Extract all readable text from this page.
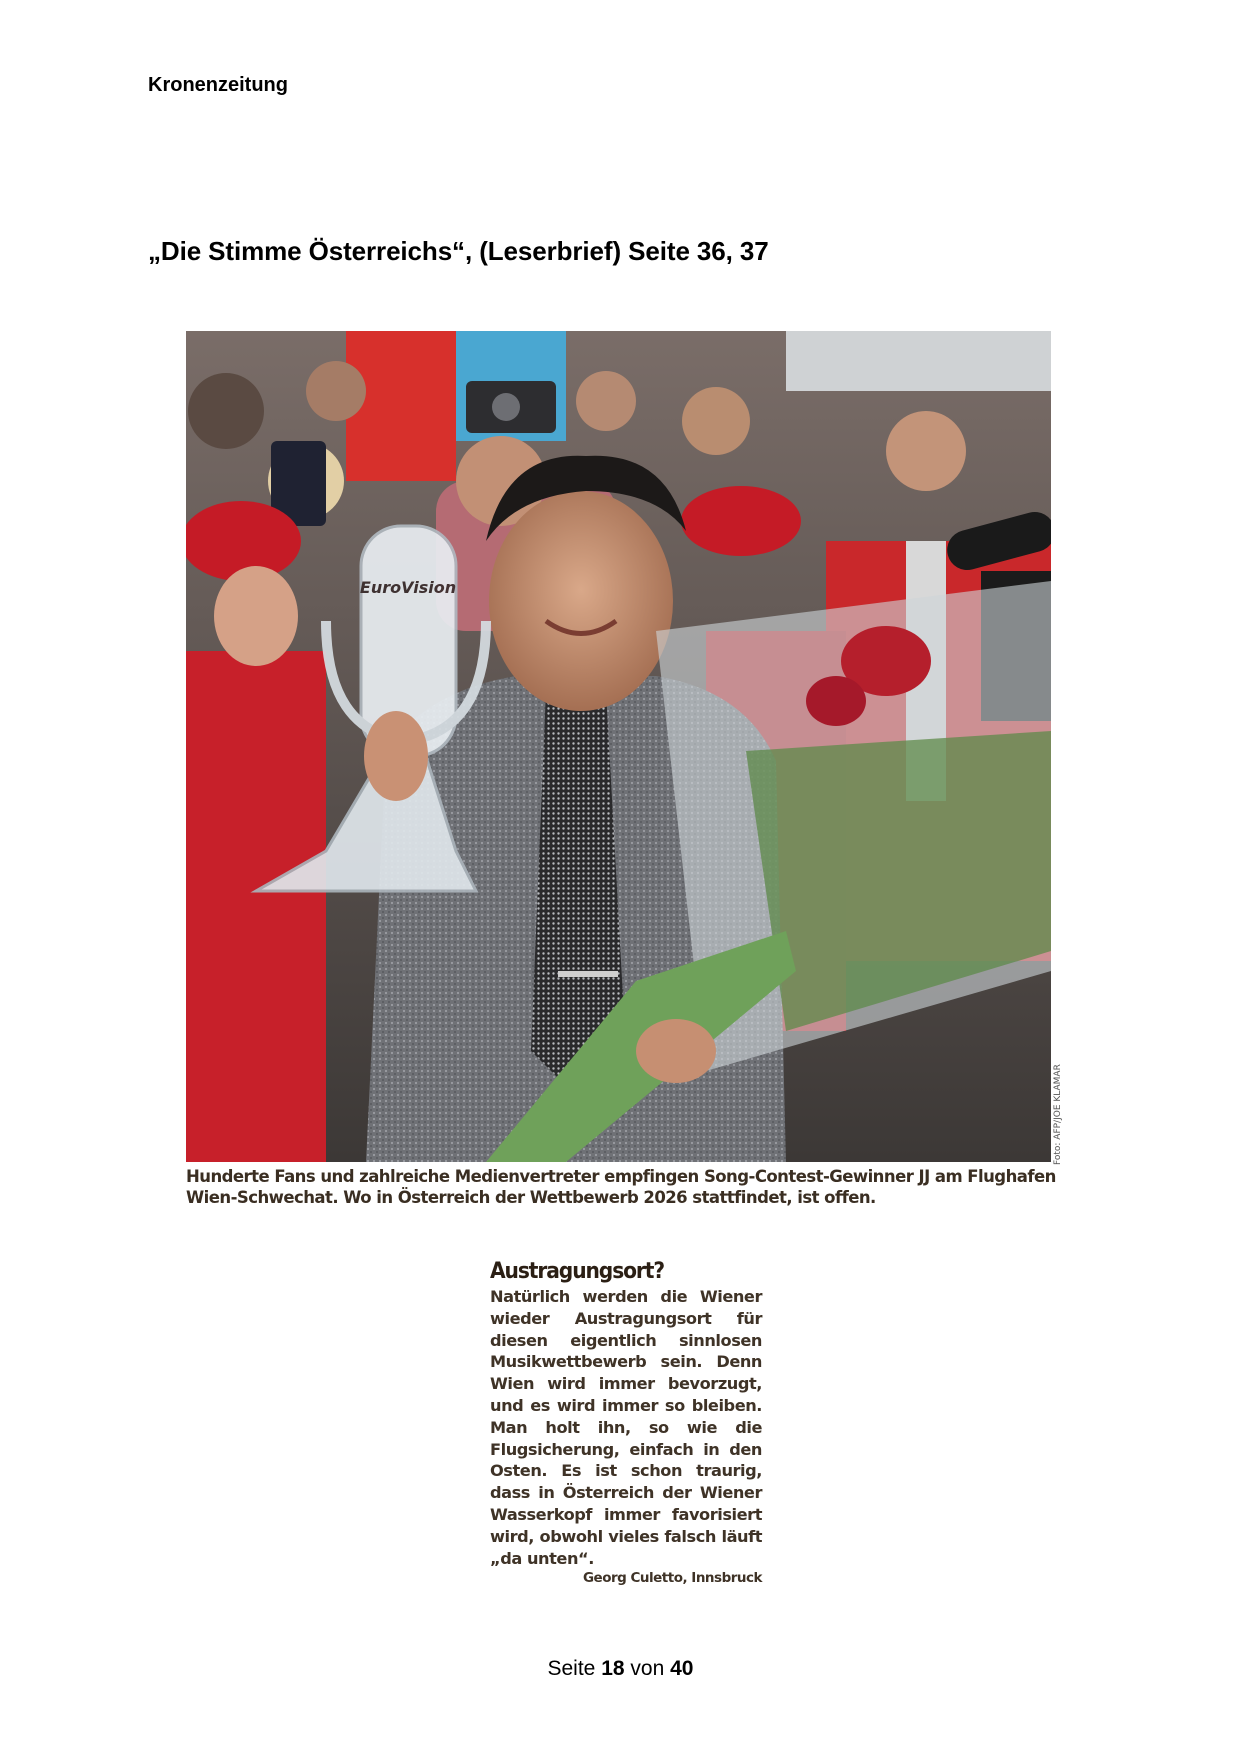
Kronenzeitung
„Die Stimme Österreichs“, (Leserbrief) Seite 36, 37
EuroVision
Foto: AFP/JOE KLAMAR
Hunderte Fans und zahlreiche Medienvertreter empfingen Song-Contest-Gewinner JJ am Flughafen Wien-Schwechat. Wo in Österreich der Wettbewerb 2026 stattfindet, ist offen.
Austragungsort?
Natürlich werden die Wiener wieder Austragungsort für diesen eigentlich sinnlosen Musikwettbewerb sein. Denn Wien wird immer bevorzugt, und es wird immer so bleiben. Man holt ihn, so wie die Flugsicherung, einfach in den Osten. Es ist schon traurig, dass in Österreich der Wiener Wasserkopf immer favorisiert wird, obwohl vieles falsch läuft „da unten“.
Georg Culetto, Innsbruck
Seite 18 von 40
